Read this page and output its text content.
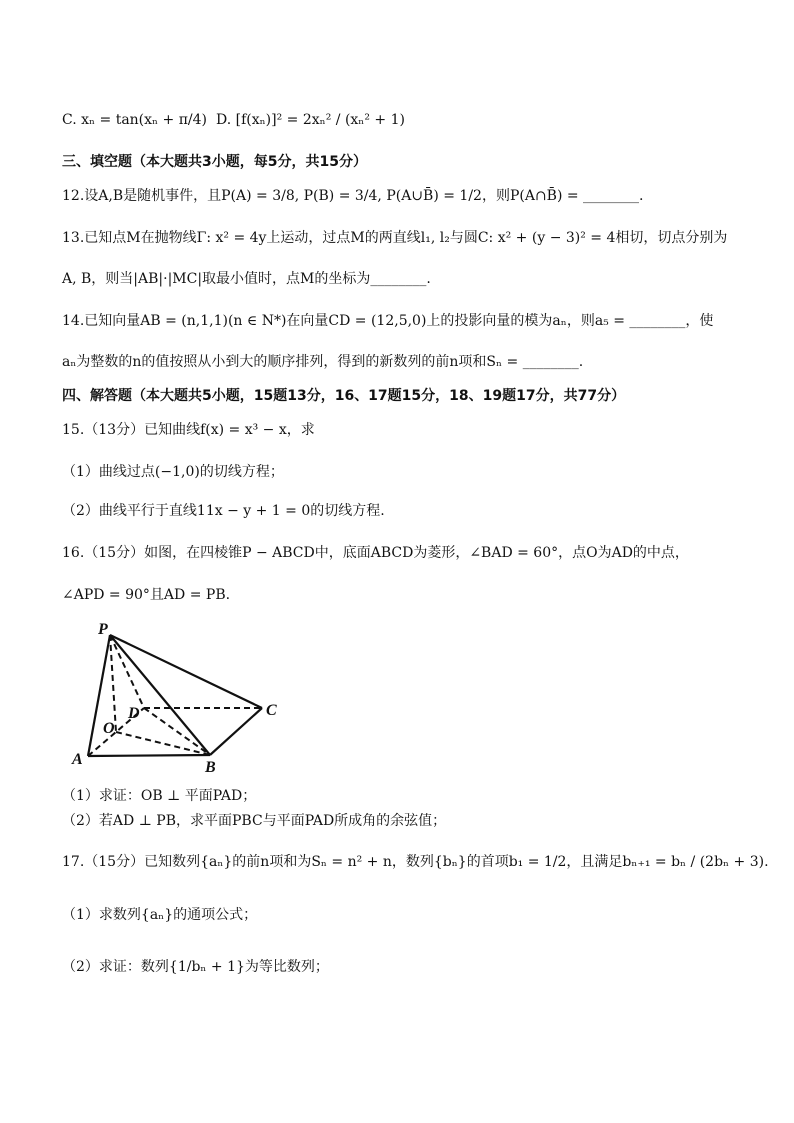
C. xₙ = tan(xₙ + π/4) D. [f(xₙ)]² = 2xₙ² / (xₙ² + 1)
三、填空题（本大题共3小题，每5分，共15分）
12.设A,B是随机事件，且P(A) = 3/8, P(B) = 3/4, P(A∪B̄) = 1/2，则P(A∩B̄) = ________.
13.已知点M在抛物线Γ: x² = 4y上运动，过点M的两直线l₁, l₂与圆C: x² + (y − 3)² = 4相切，切点分别为
A, B，则当|AB|·|MC|取最小值时，点M的坐标为________.
14.已知向量AB = (n,1,1)(n ∈ N*)在向量CD = (12,5,0)上的投影向量的模为aₙ，则a₅ = ________，使
aₙ为整数的n的值按照从小到大的顺序排列，得到的新数列的前n项和Sₙ = ________.
四、解答题（本大题共5小题，15题13分，16、17题15分，18、19题17分，共77分）
15.（13分）已知曲线f(x) = x³ − x，求
（1）曲线过点(−1,0)的切线方程；
（2）曲线平行于直线11x − y + 1 = 0的切线方程.
16.（15分）如图，在四棱锥P − ABCD中，底面ABCD为菱形，∠BAD = 60°，点O为AD的中点，
∠APD = 90°且AD = PB.
P
D
O
A	B
C
（1）求证：OB ⊥ 平面PAD；
（2）若AD ⊥ PB，求平面PBC与平面PAD所成角的余弦值；
17.（15分）已知数列{aₙ}的前n项和为Sₙ = n² + n，数列{bₙ}的首项b₁ = 1/2，且满足bₙ₊₁ = bₙ / (2bₙ + 3).
（1）求数列{aₙ}的通项公式；
（2）求证：数列{1/bₙ + 1}为等比数列；
